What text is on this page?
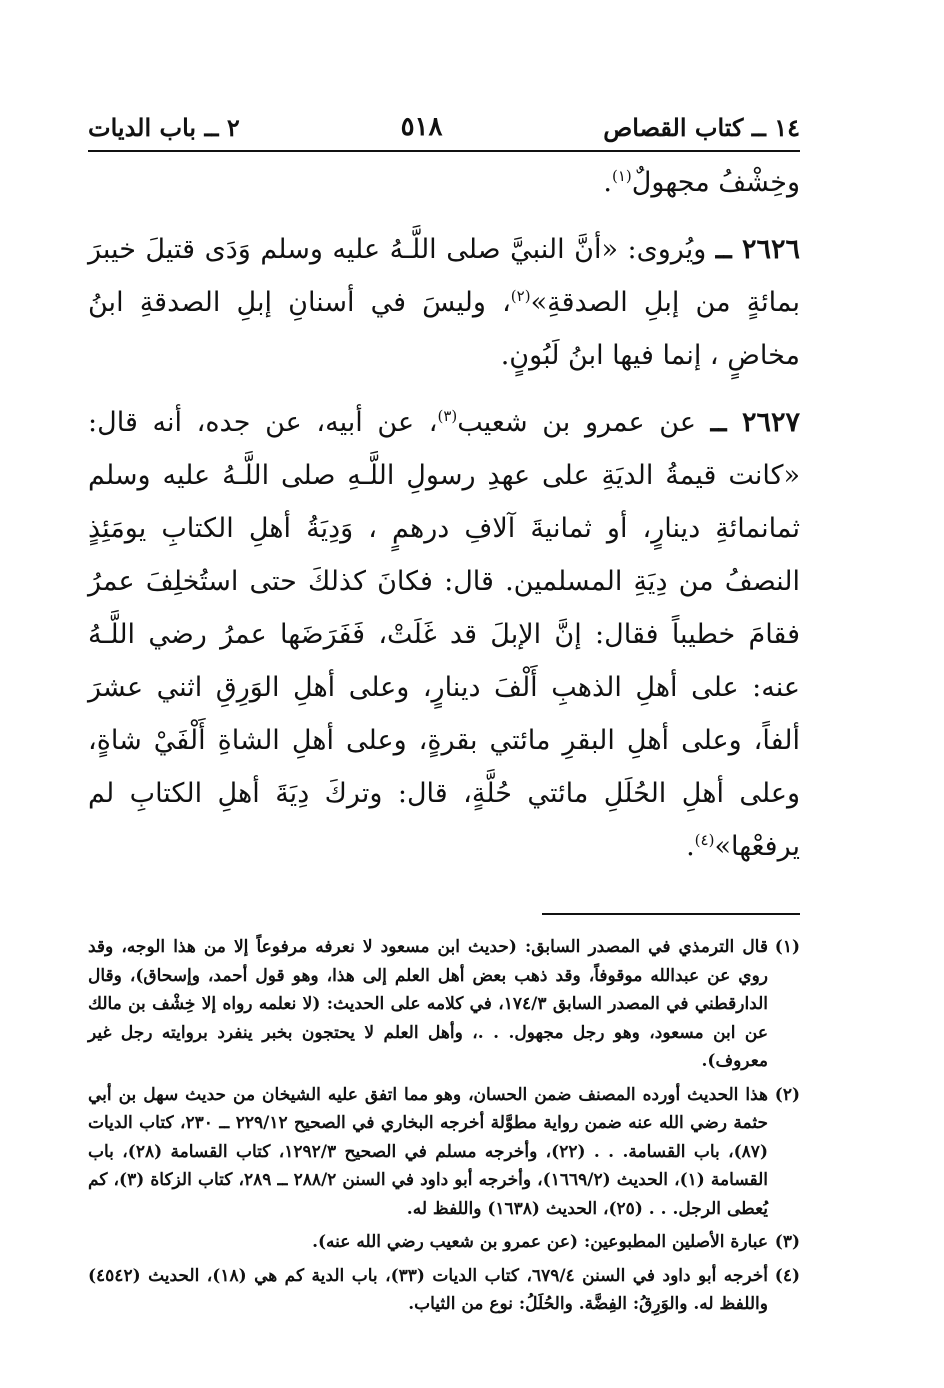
١٤ ــ كتاب القصاص
٥١٨
٢ ــ باب الديات

وخِشْفُ مجهولٌ$^{(١)}$.

٢٦٢٦ ــ ويُروى: «أنَّ النبيَّ صلى اللَّـهُ عليه وسلم وَدَى قتيلَ خيبرَ بمائةٍ من إبلِ الصدقةِ»$^{(٢)}$، وليسَ في أسنانِ إبلِ الصدقةِ ابنُ مخاضٍ ، إنما فيها ابنُ لَبُونٍ.

٢٦٢٧ ــ عن عمرو بن شعيب$^{(٣)}$، عن أبيه، عن جده، أنه قال: «كانت قيمةُ الديَةِ على عهدِ رسولِ اللَّـهِ صلى اللَّـهُ عليه وسلم ثمانمائةِ دينارٍ، أو ثمانيةَ آلافِ درهمٍ ، وَدِيَةُ أهلِ الكتابِ يومَئِذٍ النصفُ من دِيَةِ المسلمين. قال: فكانَ كذلكَ حتى استُخلِفَ عمرُ فقامَ خطيباً فقال: إنَّ الإبلَ قد غَلَتْ، فَفَرَضَها عمرُ رضي اللَّـهُ عنه: على أهلِ الذهبِ أَلْفَ دينارٍ، وعلى أهلِ الوَرِقِ اثني عشرَ ألفاً، وعلى أهلِ البقرِ مائتي بقرةٍ، وعلى أهلِ الشاةِ أَلْفَيْ شاةٍ، وعلى أهلِ الحُلَلِ مائتي حُلَّةٍ، قال: وتركَ دِيَةَ أهلِ الكتابِ لم يرفعْها»$^{(٤)}$.

(١)
قال الترمذي في المصدر السابق: (حديث ابن مسعود لا نعرفه مرفوعاً إلا من هذا الوجه، وقد روي عن عبدالله موقوفاً، وقد ذهب بعض أهل العلم إلى هذا، وهو قول أحمد، وإسحاق)، وقال الدارقطني في المصدر السابق ١٧٤/٣، في كلامه على الحديث: (لا نعلمه رواه إلا خِشْف بن مالك عن ابن مسعود، وهو رجل مجهول. . .، وأهل العلم لا يحتجون بخبر ينفرد بروايته رجل غير معروف).
(٢)
هذا الحديث أورده المصنف ضمن الحسان، وهو مما اتفق عليه الشيخان من حديث سهل بن أبي حثمة رضي الله عنه ضمن رواية مطوَّلة أخرجه البخاري في الصحيح ٢٢٩/١٢ ــ ٢٣٠، كتاب الديات (٨٧)، باب القسامة. . . (٢٢)، وأخرجه مسلم في الصحيح ١٢٩٢/٣، كتاب القسامة (٢٨)، باب القسامة (١)، الحديث (١٦٦٩/٢)، وأخرجه أبو داود في السنن ٢٨٨/٢ ــ ٢٨٩، كتاب الزكاة (٣)، كم يُعطى الرجل. . . (٢٥)، الحديث (١٦٣٨) واللفظ له.
(٣)
عبارة الأصلين المطبوعين: (عن عمرو بن شعيب رضي الله عنه).
(٤)
أخرجه أبو داود في السنن ٦٧٩/٤، كتاب الديات (٣٣)، باب الدية كم هي (١٨)، الحديث (٤٥٤٢) واللفظ له. والوَرِقُ: الفِضَّة. والحُلَلُ: نوع من الثياب.
